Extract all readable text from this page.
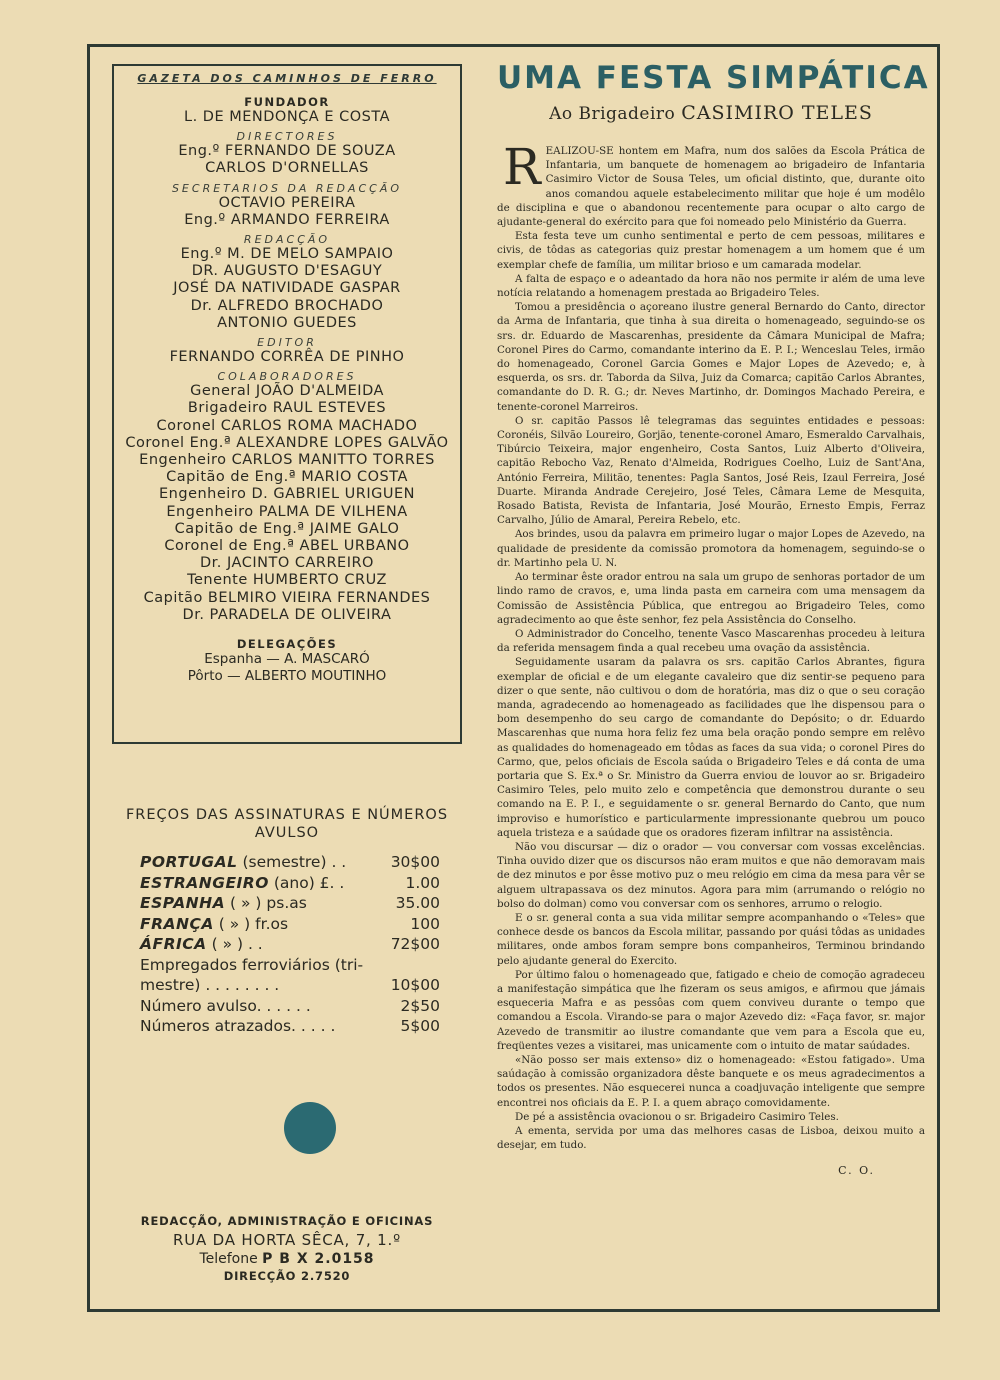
GAZETA DOS CAMINHOS DE FERRO
FUNDADOR
L. DE MENDONÇA E COSTA
DIRECTORES
Eng.º FERNANDO DE SOUZA
CARLOS D'ORNELLAS
SECRETARIOS DA REDACÇÃO
OCTAVIO PEREIRA
Eng.º ARMANDO FERREIRA
REDACÇÃO
Eng.º M. DE MELO SAMPAIO
DR. AUGUSTO D'ESAGUY
JOSÉ DA NATIVIDADE GASPAR
Dr. ALFREDO BROCHADO
ANTONIO GUEDES
EDITOR
FERNANDO CORRÊA DE PINHO
COLABORADORES
General JOÃO D'ALMEIDA
Brigadeiro RAUL ESTEVES
Coronel CARLOS ROMA MACHADO
Coronel Eng.ª ALEXANDRE LOPES GALVÃO
Engenheiro CARLOS MANITTO TORRES
Capitão de Eng.ª MARIO COSTA
Engenheiro D. GABRIEL URIGUEN
Engenheiro PALMA DE VILHENA
Capitão de Eng.ª JAIME GALO
Coronel de Eng.ª ABEL URBANO
Dr. JACINTO CARREIRO
Tenente HUMBERTO CRUZ
Capitão BELMIRO VIEIRA FERNANDES
Dr. PARADELA DE OLIVEIRA
DELEGAÇÕES
Espanha — A. MASCARÓ
Pôrto — ALBERTO MOUTINHO
FREÇOS DAS ASSINATURAS E NÚMEROS
AVULSO
PORTUGAL (semestre) . .	30$00
ESTRANGEIRO (ano) £. .	1.00
ESPANHA ( » ) ps.as	35.00
FRANÇA ( » ) fr.os	100
ÁFRICA ( » ) . .	72$00
Empregados ferroviários (tri-
mestre) . . . . . . . .	10$00
Número avulso. . . . . .	2$50
Números atrazados. . . . .	5$00
REDACÇÃO, ADMINISTRAÇÃO E OFICINAS
RUA DA HORTA SÊCA, 7, 1.º
Telefone P B X 2.0158
DIRECÇÃO 2.7520
UMA FESTA SIMPÁTICA
Ao Brigadeiro CASIMIRO TELES

REALIZOU-SE hontem em Mafra, num dos salões da Escola Prática de Infantaria, um banquete de homenagem ao brigadeiro de Infantaria Casimiro Victor de Sousa Teles, um oficial distinto, que, durante oito anos comandou aquele estabelecimento militar que hoje é um modêlo de disciplina e que o abandonou recentemente para ocupar o alto cargo de ajudante-general do exército para que foi nomeado pelo Ministério da Guerra.

Esta festa teve um cunho sentimental e perto de cem pessoas, militares e civis, de tôdas as categorias quiz prestar homenagem a um homem que é um exemplar chefe de família, um militar brioso e um camarada modelar.

A falta de espaço e o adeantado da hora não nos permite ir além de uma leve notícia relatando a homenagem prestada ao Brigadeiro Teles.

Tomou a presidência o açoreano ilustre general Bernardo do Canto, director da Arma de Infantaria, que tinha à sua direita o homenageado, seguindo-se os srs. dr. Eduardo de Mascarenhas, presidente da Câmara Municipal de Mafra; Coronel Pires do Carmo, comandante interino da E. P. I.; Wenceslau Teles, irmão do homenageado, Coronel Garcia Gomes e Major Lopes de Azevedo; e, à esquerda, os srs. dr. Taborda da Silva, Juiz da Comarca; capitão Carlos Abrantes, comandante do D. R. G.; dr. Neves Martinho, dr. Domingos Machado Pereira, e tenente-coronel Marreiros.

O sr. capitão Passos lê telegramas das seguintes entidades e pessoas: Coronéis, Silvão Loureiro, Gorjão, tenente-coronel Amaro, Esmeraldo Carvalhais, Tibúrcio Teixeira, major engenheiro, Costa Santos, Luiz Alberto d'Oliveira, capitão Rebocho Vaz, Renato d'Almeida, Rodrigues Coelho, Luiz de Sant'Ana, António Ferreira, Militão, tenentes: Pagla Santos, José Reis, Izaul Ferreira, José Duarte. Miranda Andrade Cerejeiro, José Teles, Câmara Leme de Mesquita, Rosado Batista, Revista de Infantaria, José Mourão, Ernesto Empis, Ferraz Carvalho, Júlio de Amaral, Pereira Rebelo, etc.

Aos brindes, usou da palavra em primeiro lugar o major Lopes de Azevedo, na qualidade de presidente da comissão promotora da homenagem, seguindo-se o dr. Martinho pela U. N.

Ao terminar êste orador entrou na sala um grupo de senhoras portador de um lindo ramo de cravos, e, uma linda pasta em carneira com uma mensagem da Comissão de Assistência Pública, que entregou ao Brigadeiro Teles, como agradecimento ao que êste senhor, fez pela Assistência do Conselho.

O Administrador do Concelho, tenente Vasco Mascarenhas procedeu à leitura da referida mensagem finda a qual recebeu uma ovação da assistência.

Seguidamente usaram da palavra os srs. capitão Carlos Abrantes, figura exemplar de oficial e de um elegante cavaleiro que diz sentir-se pequeno para dizer o que sente, não cultivou o dom de horatória, mas diz o que o seu coração manda, agradecendo ao homenageado as facilidades que lhe dispensou para o bom desempenho do seu cargo de comandante do Depósito; o dr. Eduardo Mascarenhas que numa hora feliz fez uma bela oração pondo sempre em relêvo as qualidades do homenageado em tôdas as faces da sua vida; o coronel Pires do Carmo, que, pelos oficiais de Escola saúda o Brigadeiro Teles e dá conta de uma portaria que S. Ex.ª o Sr. Ministro da Guerra enviou de louvor ao sr. Brigadeiro Casimiro Teles, pelo muito zelo e competência que demonstrou durante o seu comando na E. P. I., e seguidamente o sr. general Bernardo do Canto, que num improviso e humorístico e particularmente impressionante quebrou um pouco aquela tristeza e a saúdade que os oradores fizeram infiltrar na assistência.

Não vou discursar — diz o orador — vou conversar com vossas excelências. Tinha ouvido dizer que os discursos não eram muitos e que não demoravam mais de dez minutos e por êsse motivo puz o meu relógio em cima da mesa para vêr se alguem ultrapassava os dez minutos. Agora para mim (arrumando o relógio no bolso do dolman) como vou conversar com os senhores, arrumo o relogio.

E o sr. general conta a sua vida militar sempre acompanhando o «Teles» que conhece desde os bancos da Escola militar, passando por quási tôdas as unidades militares, onde ambos foram sempre bons companheiros, Terminou brindando pelo ajudante general do Exercito.

Por último falou o homenageado que, fatigado e cheio de comoção agradeceu a manifestação simpática que lhe fizeram os seus amigos, e afirmou que jámais esqueceria Mafra e as pessôas com quem conviveu durante o tempo que comandou a Escola. Virando-se para o major Azevedo diz: «Faça favor, sr. major Azevedo de transmitir ao ilustre comandante que vem para a Escola que eu, freqüentes vezes a visitarei, mas unicamente com o intuito de matar saúdades.

«Não posso ser mais extenso» diz o homenageado: «Estou fatigado». Uma saúdação à comissão organizadora dêste banquete e os meus agradecimentos a todos os presentes. Não esquecerei nunca a coadjuvação inteligente que sempre encontrei nos oficiais da E. P. I. a quem abraço comovidamente.

De pé a assistência ovacionou o sr. Brigadeiro Casimiro Teles.

A ementa, servida por uma das melhores casas de Lisboa, deixou muito a desejar, em tudo.

C. O.
